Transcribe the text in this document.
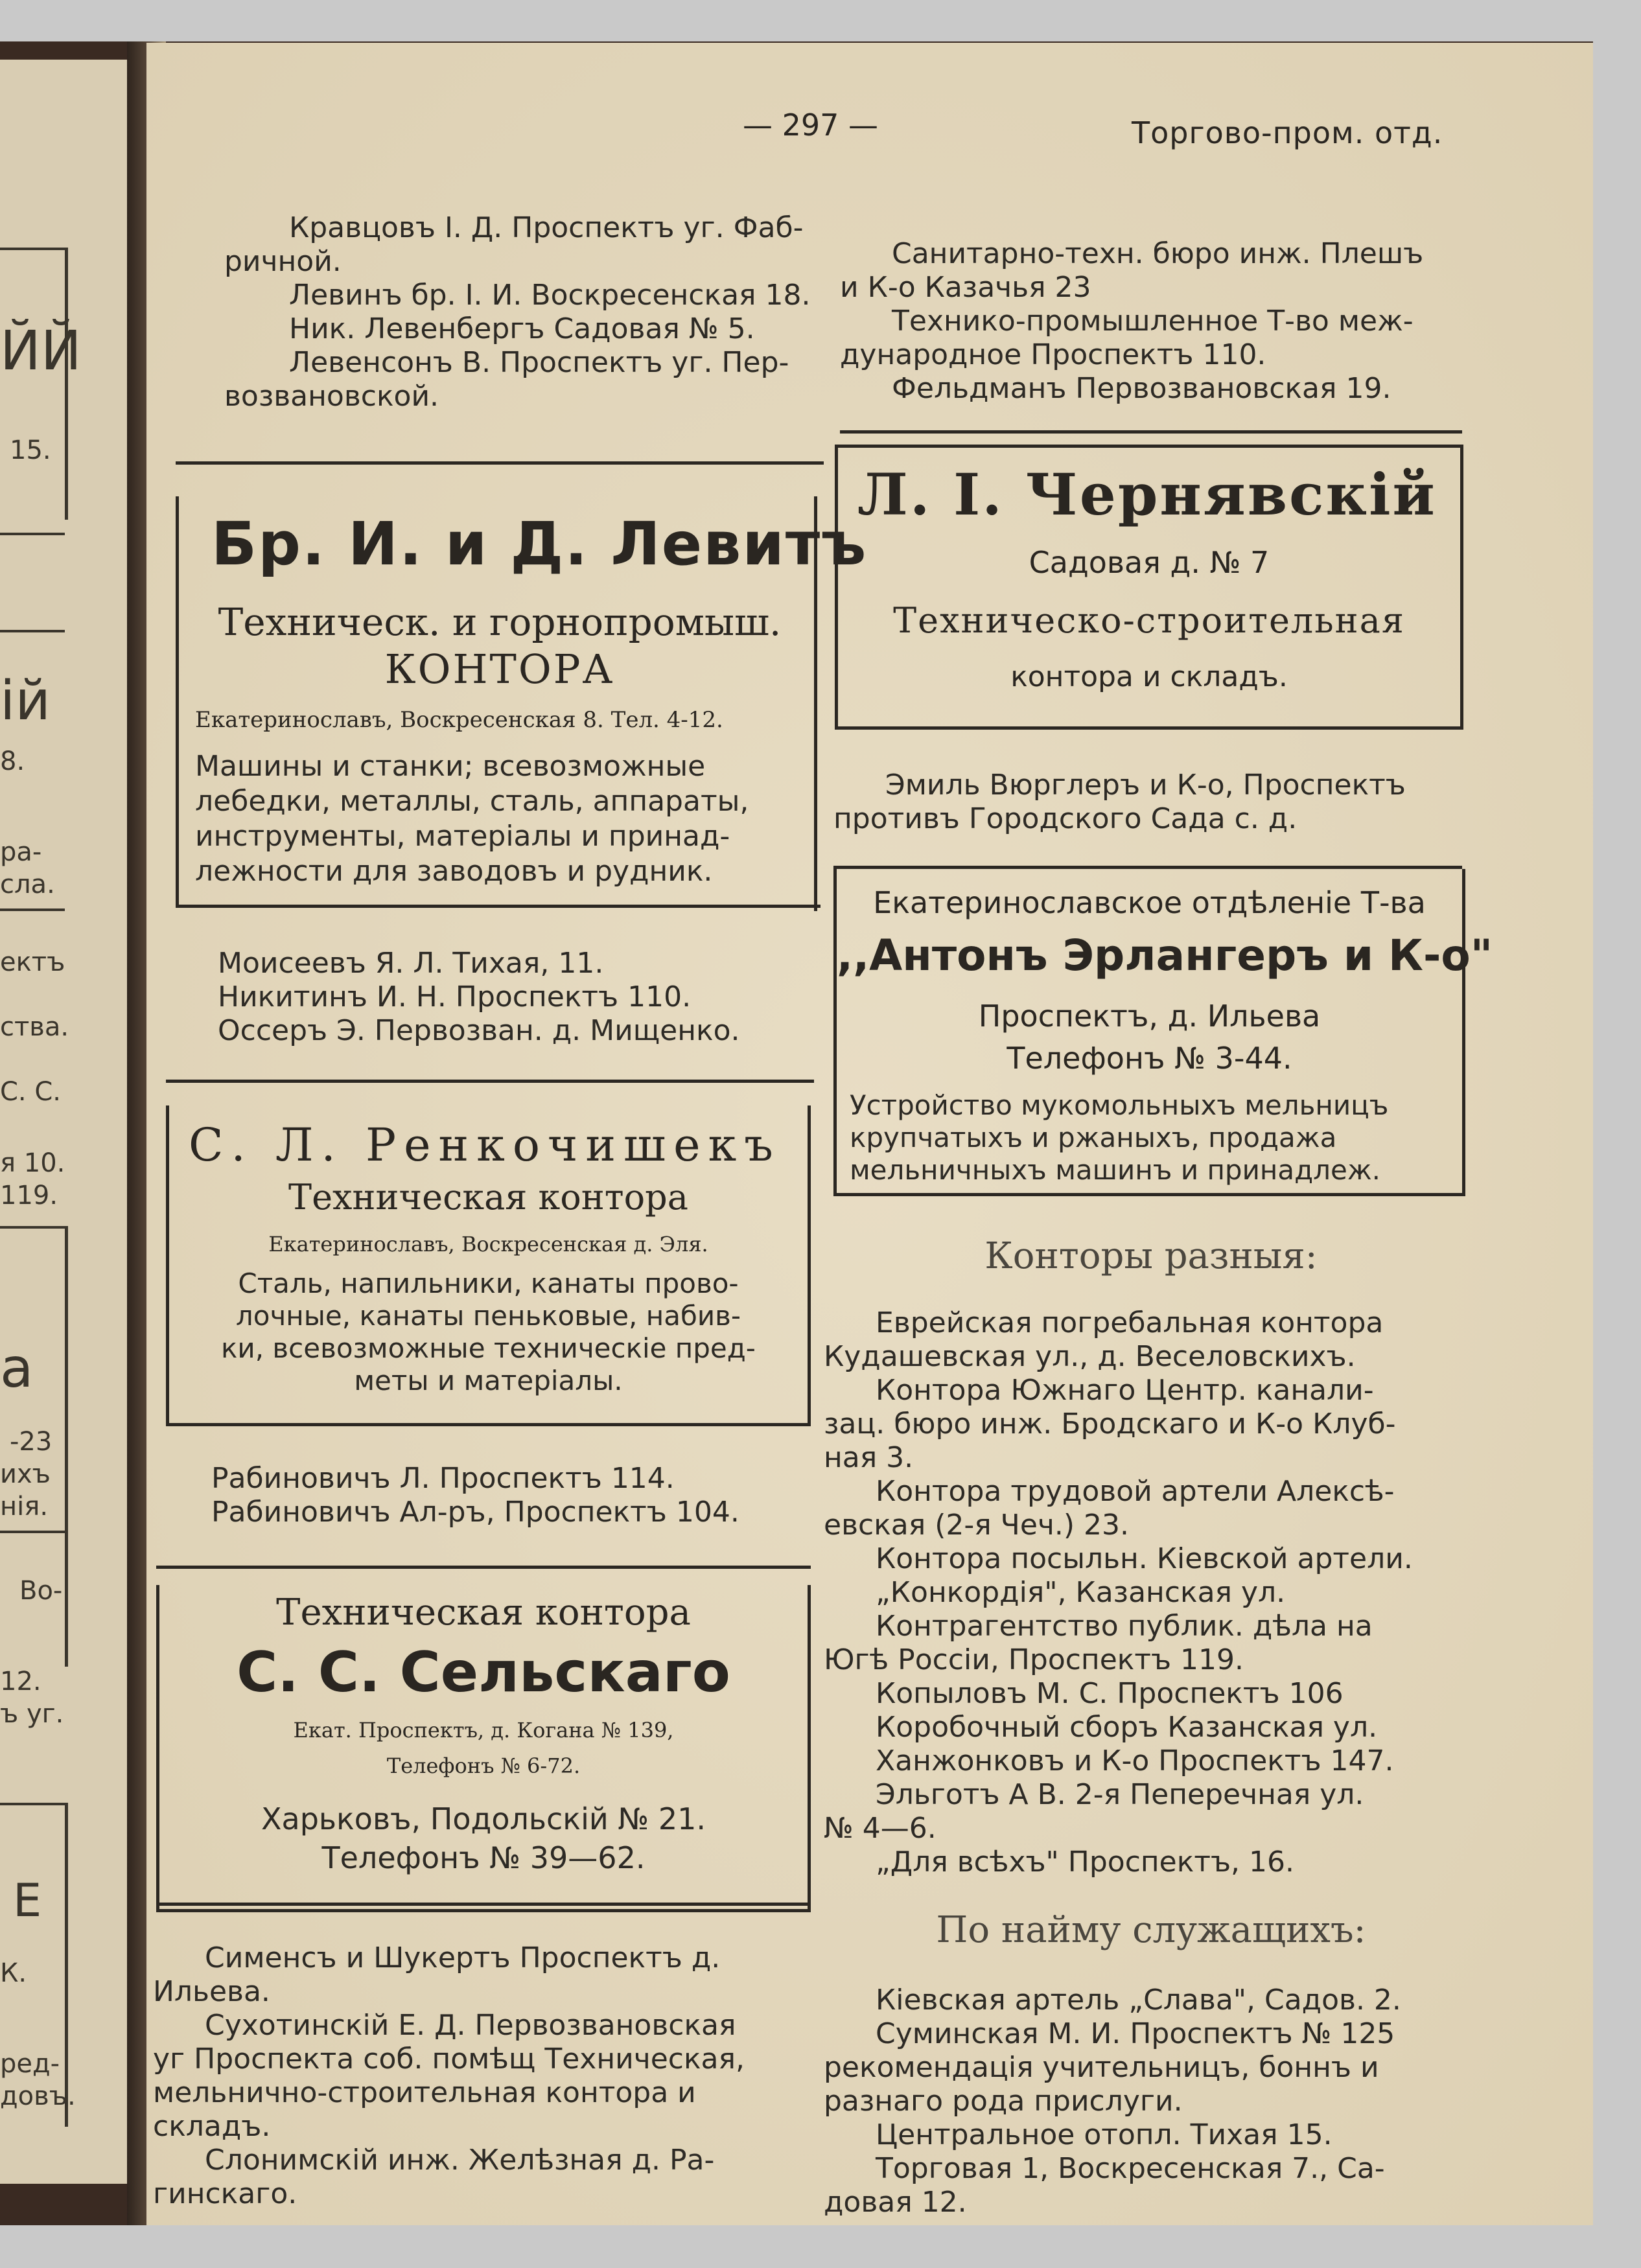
ЙЙ
15.
ій
8.
ра-
сла.
ектъ
ства.
С. С.
я 10.
119.
а
-23
ихъ
нія.
Во-
12.
ъ уг.
Е
К.
ред-
довъ.
— 297 —	Торгово-пром. отд.
Кравцовъ І. Д. Проспектъ уг. Фаб-
ричной.
Левинъ бр. І. И. Воскресенская 18.
Ник. Левенбергъ Садовая № 5.
Левенсонъ В. Проспектъ уг. Пер-
возвановской.
Бр. И. и Д. Левитъ
Техническ. и горнопромыш.
КОНТОРА
Екатеринославъ, Воскресенская 8. Тел. 4-12.
Машины и станки; всевозможные
лебедки, металлы, сталь, аппараты,
инструменты, матеріалы и принад-
лежности для заводовъ и рудник.
Моисеевъ Я. Л. Тихая, 11.
Никитинъ И. Н. Проспектъ 110.
Оссеръ Э. Первозван. д. Мищенко.
С. Л. Ренкочишекъ
Техническая контора
Екатеринославъ, Воскресенская д. Эля.
Сталь, напильники, канаты прово-
лочные, канаты пеньковые, набив-
ки, всевозможные техническіе пред-
меты и матеріалы.
Рабиновичъ Л. Проспектъ 114.
Рабиновичъ Ал-ръ, Проспектъ 104.
Техническая контора
С. С. Сельскаго
Екат. Проспектъ, д. Когана № 139,
Телефонъ № 6-72.
Харьковъ, Подольскій № 21.
Телефонъ № 39—62.
Сименсъ и Шукертъ Проспектъ д.
Ильева.
Сухотинскій Е. Д. Первозвановская
уг Проспекта соб. помѣщ Техническая,
мельнично-строительная контора и
складъ.
Слонимскій инж. Желѣзная д. Ра-
гинскаго.
Санитарно-техн. бюро инж. Плешъ
и К-о Казачья 23
Технико-промышленное Т-во меж-
дународное Проспектъ 110.
Фельдманъ Первозвановская 19.
Л. І. Чернявскій
Садовая д. № 7
Техническо-строительная
контора и складъ.
Эмиль Вюрглеръ и К-о, Проспектъ
противъ Городского Сада с. д.
Екатеринославское отдѣленіе Т-ва
,,Антонъ Эрлангеръ и К-о"
Проспектъ, д. Ильева
Телефонъ № 3-44.
Устройство мукомольныхъ мельницъ
крупчатыхъ и ржаныхъ, продажа
мельничныхъ машинъ и принадлеж.
Конторы разныя:
Еврейская погребальная контора
Кудашевская ул., д. Веселовскихъ.
Контора Южнаго Центр. канали-
зац. бюро инж. Бродскаго и К-о Клуб-
ная 3.
Контора трудовой артели Алексѣ-
евская (2-я Чеч.) 23.
Контора посыльн. Кіевской артели.
„Конкордія", Казанская ул.
Контрагентство публик. дѣла на
Югѣ Россіи, Проспектъ 119.
Копыловъ М. С. Проспектъ 106
Коробочный сборъ Казанская ул.
Ханжонковъ и К-о Проспектъ 147.
Эльготъ А В. 2-я Пеперечная ул.
№ 4—6.
„Для всѣхъ" Проспектъ, 16.
По найму служащихъ:
Кіевская артель „Слава", Садов. 2.
Суминская М. И. Проспектъ № 125
рекомендація учительницъ, боннъ и
разнаго рода прислуги.
Центральное отопл. Тихая 15.
Торговая 1, Воскресенская 7., Са-
довая 12.
